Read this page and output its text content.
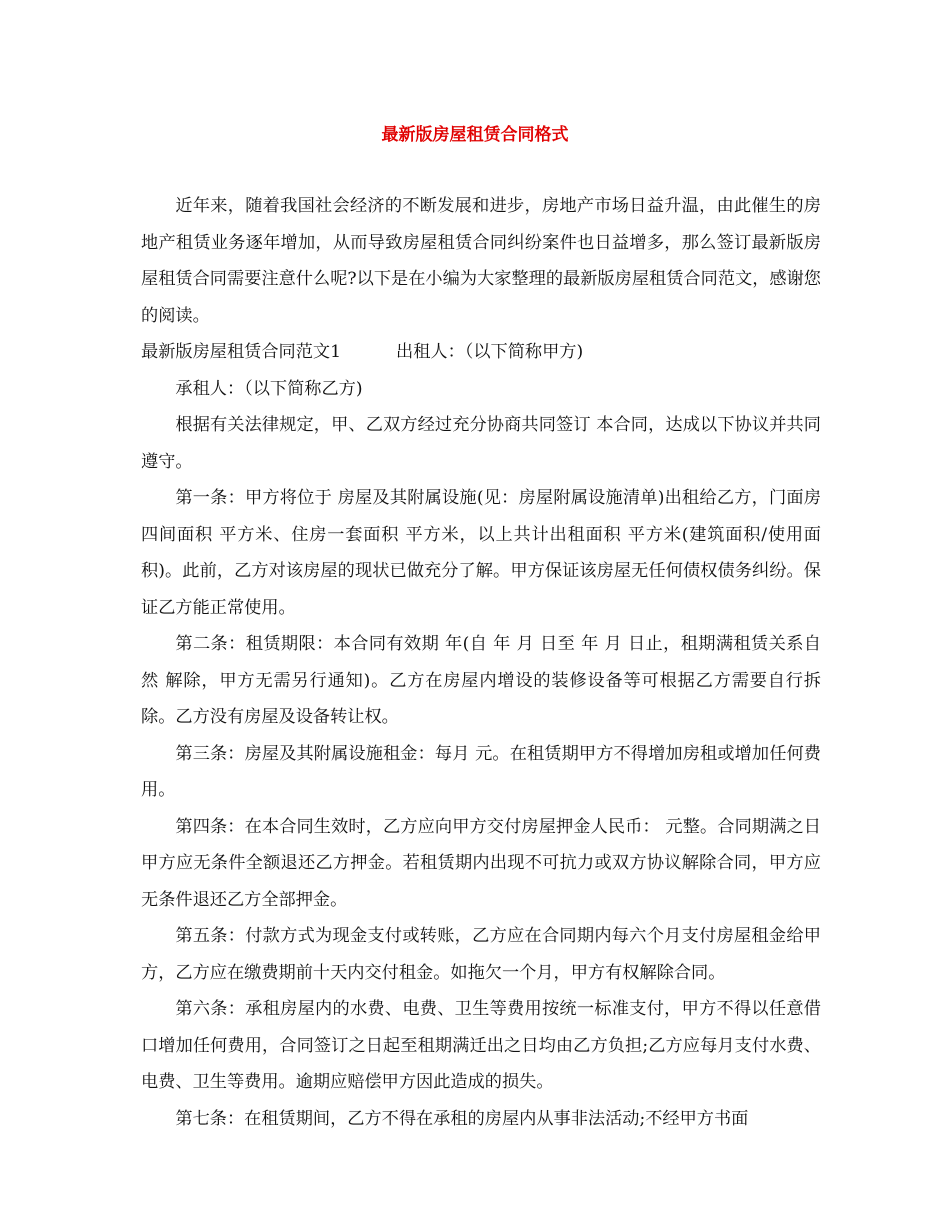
最新版房屋租赁合同格式

近年来，随着我国社会经济的不断发展和进步，房地产市场日益升温，由此催生的房地产租赁业务逐年增加，从而导致房屋租赁合同纠纷案件也日益增多，那么签订最新版房屋租赁合同需要注意什么呢?以下是在小编为大家整理的最新版房屋租赁合同范文，感谢您的阅读。

最新版房屋租赁合同范文1	出租人：（以下简称甲方)

承租人：（以下简称乙方)

根据有关法律规定，甲、乙双方经过充分协商共同签订 本合同，达成以下协议并共同遵守。

第一条：甲方将位于 房屋及其附属设施(见：房屋附属设施清单)出租给乙方，门面房四间面积 平方米、住房一套面积 平方米，以上共计出租面积 平方米(建筑面积/使用面积)。此前，乙方对该房屋的现状已做充分了解。甲方保证该房屋无任何债权债务纠纷。保证乙方能正常使用。

第二条：租赁期限：本合同有效期 年(自 年 月 日至 年 月 日止，租期满租赁关系自然 解除，甲方无需另行通知)。乙方在房屋内增设的装修设备等可根据乙方需要自行拆除。乙方没有房屋及设备转让权。

第三条：房屋及其附属设施租金：每月 元。在租赁期甲方不得增加房租或增加任何费用。

第四条：在本合同生效时，乙方应向甲方交付房屋押金人民币： 元整。合同期满之日甲方应无条件全额退还乙方押金。若租赁期内出现不可抗力或双方协议解除合同，甲方应无条件退还乙方全部押金。

第五条：付款方式为现金支付或转账，乙方应在合同期内每六个月支付房屋租金给甲方，乙方应在缴费期前十天内交付租金。如拖欠一个月，甲方有权解除合同。

第六条：承租房屋内的水费、电费、卫生等费用按统一标准支付，甲方不得以任意借口增加任何费用，合同签订之日起至租期满迁出之日均由乙方负担;乙方应每月支付水费、电费、卫生等费用。逾期应赔偿甲方因此造成的损失。

第七条：在租赁期间，乙方不得在承租的房屋内从事非法活动;不经甲方书面
